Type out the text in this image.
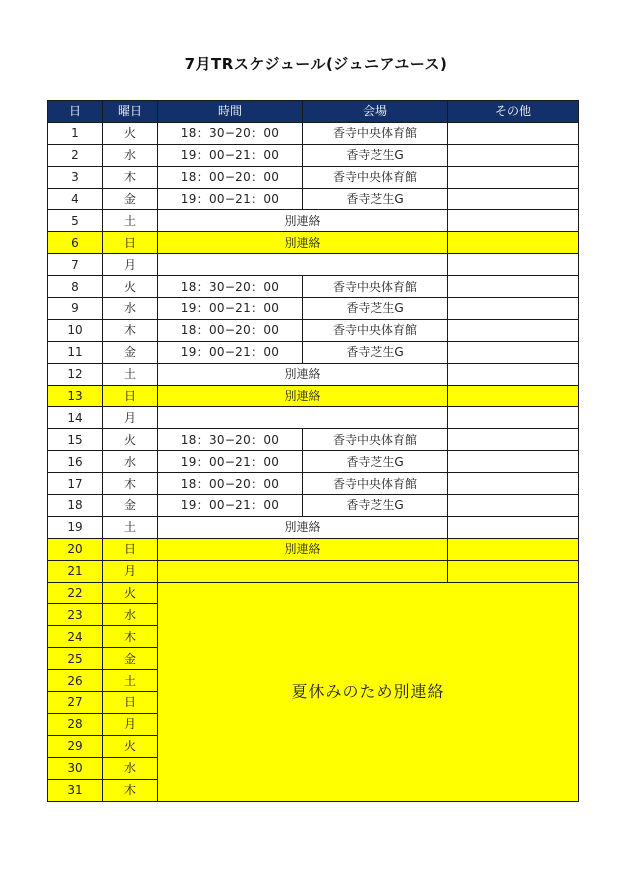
7月TRスケジュール(ジュニアユース)
日	曜日	時間	会場	その他
1	火	18：30−20：00	香寺中央体育館	
2	水	19：00−21：00	香寺芝生G	
3	木	18：00−20：00	香寺中央体育館	
4	金	19：00−21：00	香寺芝生G	
5	土	別連絡		
6	日	別連絡		
7	月			
8	火	18：30−20：00	香寺中央体育館	
9	水	19：00−21：00	香寺芝生G	
10	木	18：00−20：00	香寺中央体育館	
11	金	19：00−21：00	香寺芝生G	
12	土	別連絡		
13	日	別連絡		
14	月			
15	火	18：30−20：00	香寺中央体育館	
16	水	19：00−21：00	香寺芝生G	
17	木	18：00−20：00	香寺中央体育館	
18	金	19：00−21：00	香寺芝生G	
19	土	別連絡		
20	日	別連絡		
21	月			
22	火	夏休みのため別連絡		
23	水			
24	木			
25	金			
26	土			
27	日			
28	月			
29	火			
30	水			
31	木			
